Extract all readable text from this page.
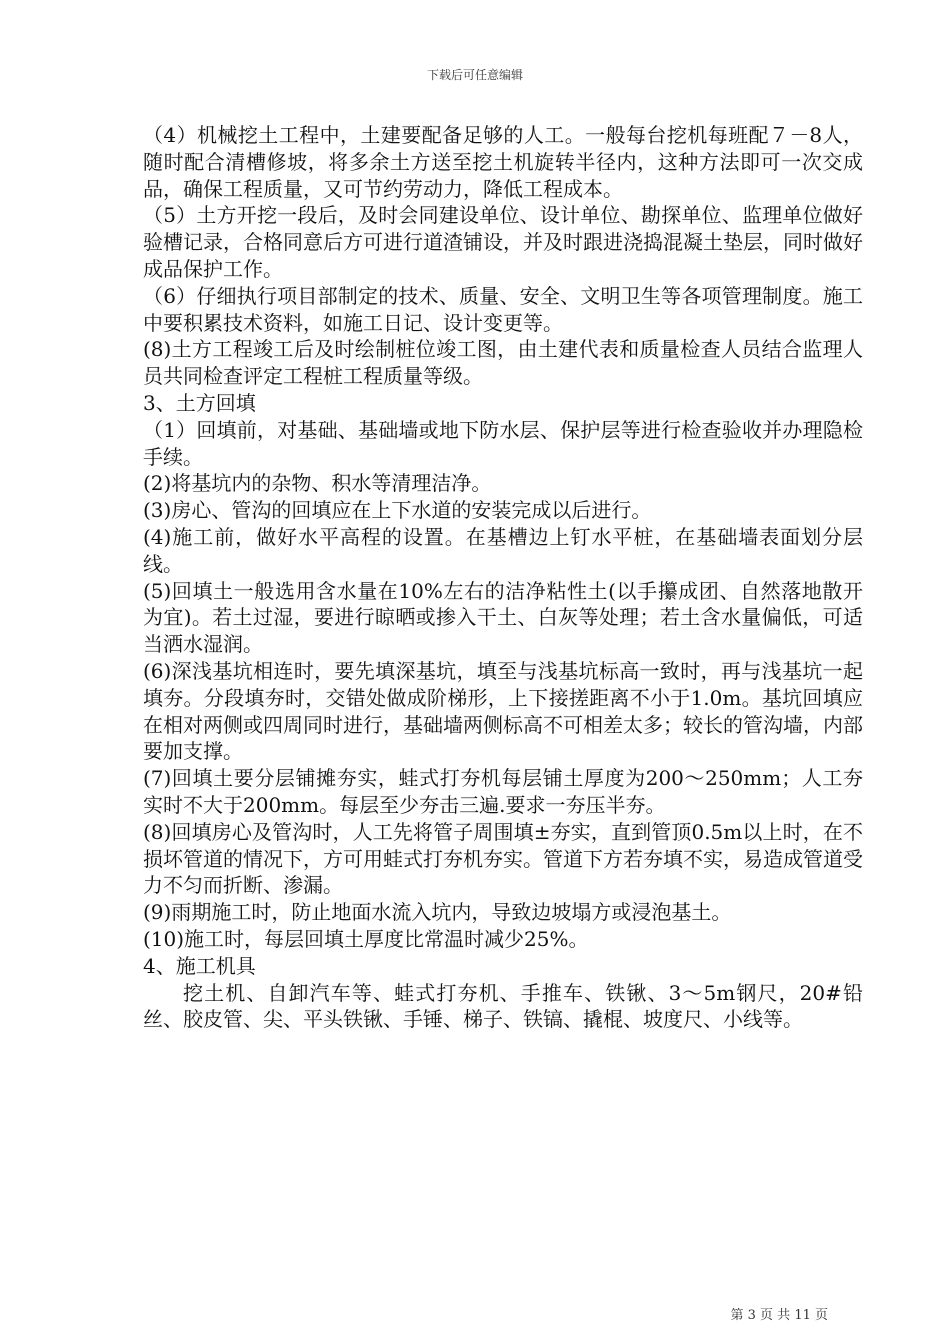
下载后可任意编辑

（4）机械挖土工程中，土建要配备足够的人工。一般每台挖机每班配７－8人，随时配合清槽修坡，将多余土方送至挖土机旋转半径内，这种方法即可一次交成品，确保工程质量，又可节约劳动力，降低工程成本。

（5）土方开挖一段后，及时会同建设单位、设计单位、勘探单位、监理单位做好验槽记录，合格同意后方可进行道渣铺设，并及时跟进浇捣混凝土垫层，同时做好成品保护工作。

（6）仔细执行项目部制定的技术、质量、安全、文明卫生等各项管理制度。施工中要积累技术资料，如施工日记、设计变更等。

(8)土方工程竣工后及时绘制桩位竣工图，由土建代表和质量检查人员结合监理人员共同检查评定工程桩工程质量等级。

3、土方回填

（1）回填前，对基础、基础墙或地下防水层、保护层等进行检查验收并办理隐检手续。

(2)将基坑内的杂物、积水等清理洁净。

(3)房心、管沟的回填应在上下水道的安装完成以后进行。

(4)施工前，做好水平高程的设置。在基槽边上钉水平桩，在基础墙表面划分层线。

(5)回填土一般选用含水量在10%左右的洁净粘性土(以手攥成团、自然落地散开为宜)。若土过湿，要进行晾晒或掺入干土、白灰等处理；若土含水量偏低，可适当洒水湿润。

(6)深浅基坑相连时，要先填深基坑，填至与浅基坑标高一致时，再与浅基坑一起填夯。分段填夯时，交错处做成阶梯形，上下接搓距离不小于1.0m。基坑回填应在相对两侧或四周同时进行，基础墙两侧标高不可相差太多；较长的管沟墙，内部要加支撑。

(7)回填土要分层铺摊夯实，蛙式打夯机每层铺土厚度为200～250mm；人工夯实时不大于200mm。每层至少夯击三遍.要求一夯压半夯。

(8)回填房心及管沟时，人工先将管子周围填±夯实，直到管顶0.5m以上时，在不损坏管道的情况下，方可用蛙式打夯机夯实。管道下方若夯填不实，易造成管道受力不匀而折断、渗漏。

(9)雨期施工时，防止地面水流入坑内，导致边坡塌方或浸泡基土。

(10)施工时，每层回填土厚度比常温时减少25%。

4、施工机具

挖土机、自卸汽车等、蛙式打夯机、手推车、铁锹、3～5m钢尺，20#铅丝、胶皮管、尖、平头铁锹、手锤、梯子、铁镐、撬棍、坡度尺、小线等。

第 3 页 共 11 页
